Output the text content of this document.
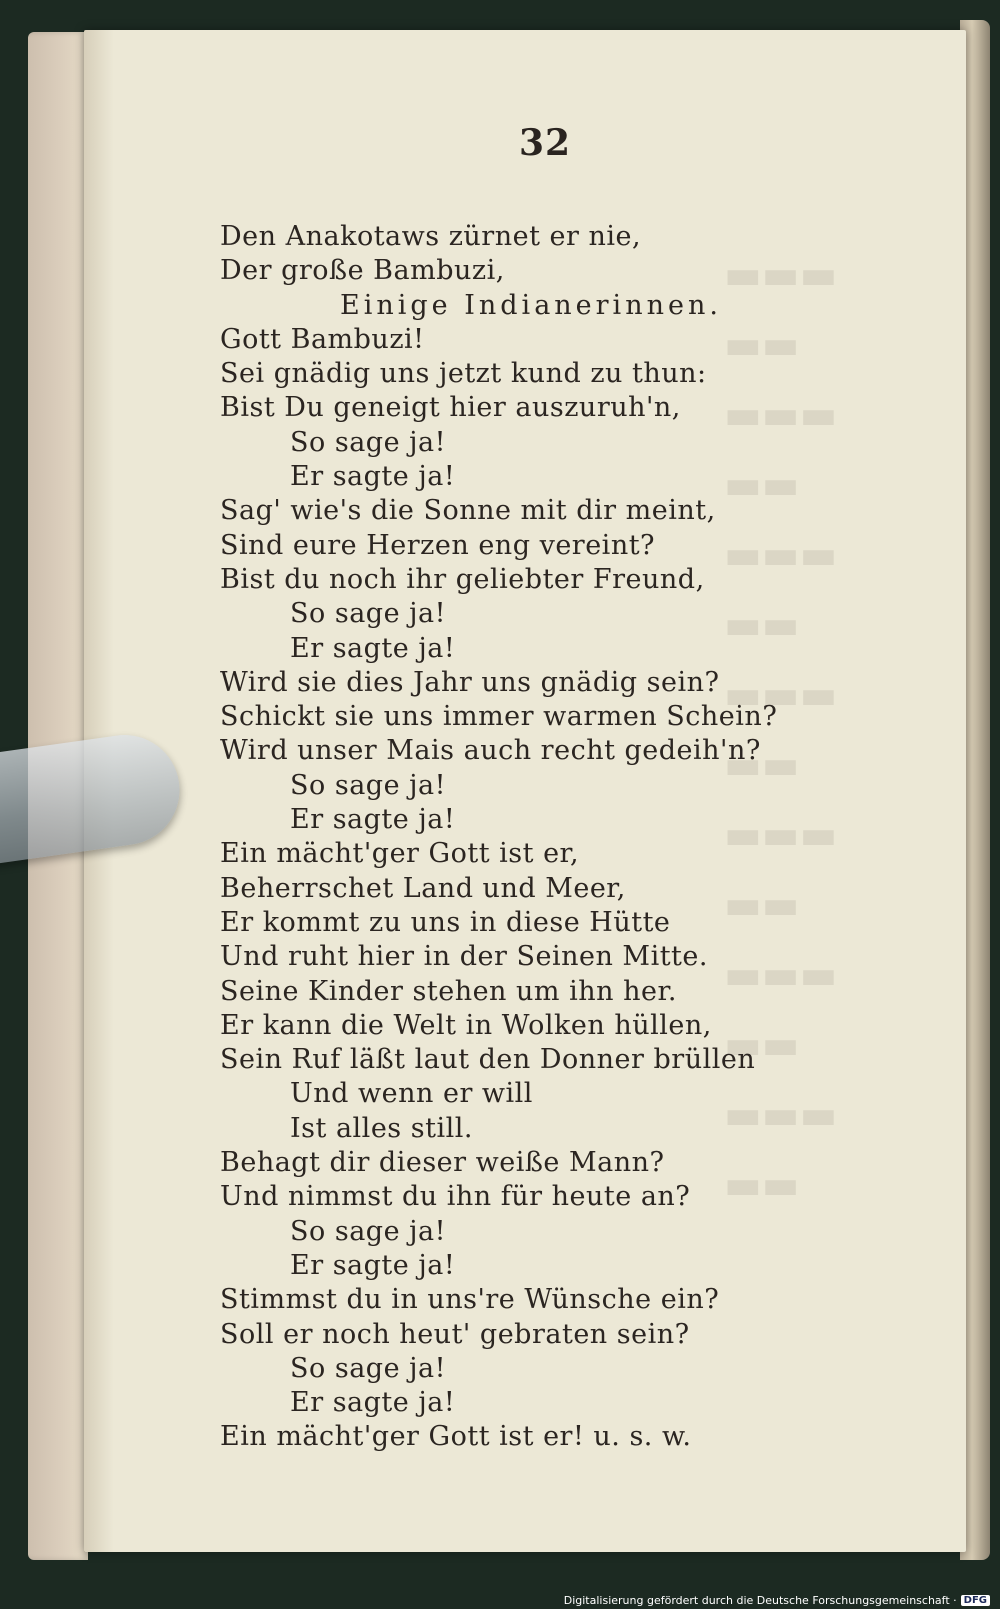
32
▬▬▬
▬▬
▬▬▬
▬▬
▬▬▬
▬▬
▬▬▬
▬▬
▬▬▬
▬▬
▬▬▬
▬▬
▬▬▬
▬▬
Den Anakotaws zürnet er nie,
Der große Bambuzi,
Einige Indianerinnen.
Gott Bambuzi!
Sei gnädig uns jetzt kund zu thun:
Bist Du geneigt hier auszuruh'n,
So sage ja!
Er sagte ja!
Sag' wie's die Sonne mit dir meint,
Sind eure Herzen eng vereint?
Bist du noch ihr geliebter Freund,
So sage ja!
Er sagte ja!
Wird sie dies Jahr uns gnädig sein?
Schickt sie uns immer warmen Schein?
Wird unser Mais auch recht gedeih'n?
So sage ja!
Er sagte ja!
Ein mächt'ger Gott ist er,
Beherrschet Land und Meer,
Er kommt zu uns in diese Hütte
Und ruht hier in der Seinen Mitte.
Seine Kinder stehen um ihn her.
Er kann die Welt in Wolken hüllen,
Sein Ruf läßt laut den Donner brüllen
Und wenn er will
Ist alles still.
Behagt dir dieser weiße Mann?
Und nimmst du ihn für heute an?
So sage ja!
Er sagte ja!
Stimmst du in uns're Wünsche ein?
Soll er noch heut' gebraten sein?
So sage ja!
Er sagte ja!
Ein mächt'ger Gott ist er! u. s. w.
Digitalisierung gefördert durch die Deutsche Forschungsgemeinschaft · DFG
